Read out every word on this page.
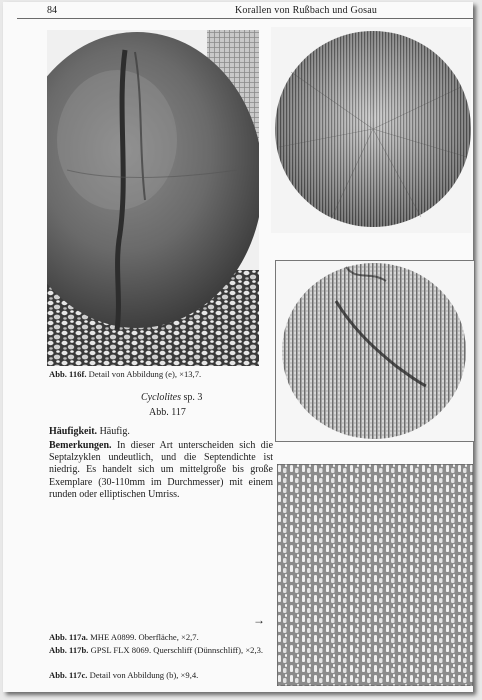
84	Korallen von Rußbach und Gosau
Abb. 116f. Detail von Abbildung (e), ×13,7.
Cyclolites sp. 3
Abb. 117
Häufigkeit. Häufig.
Bemerkungen. In dieser Art unterscheiden sich die Septalzyklen undeutlich, und die Septendichte ist niedrig. Es handelt sich um mittelgroße bis große Exemplare (30-110mm im Durchmesser) mit einem runden oder elliptischen Umriss.
→
Abb. 117a. MHE A0899. Oberfläche, ×2,7.
Abb. 117b. GPSL FLX 8069. Querschliff (Dünnschliff), ×2,3.
Abb. 117c. Detail von Abbildung (b), ×9,4.
